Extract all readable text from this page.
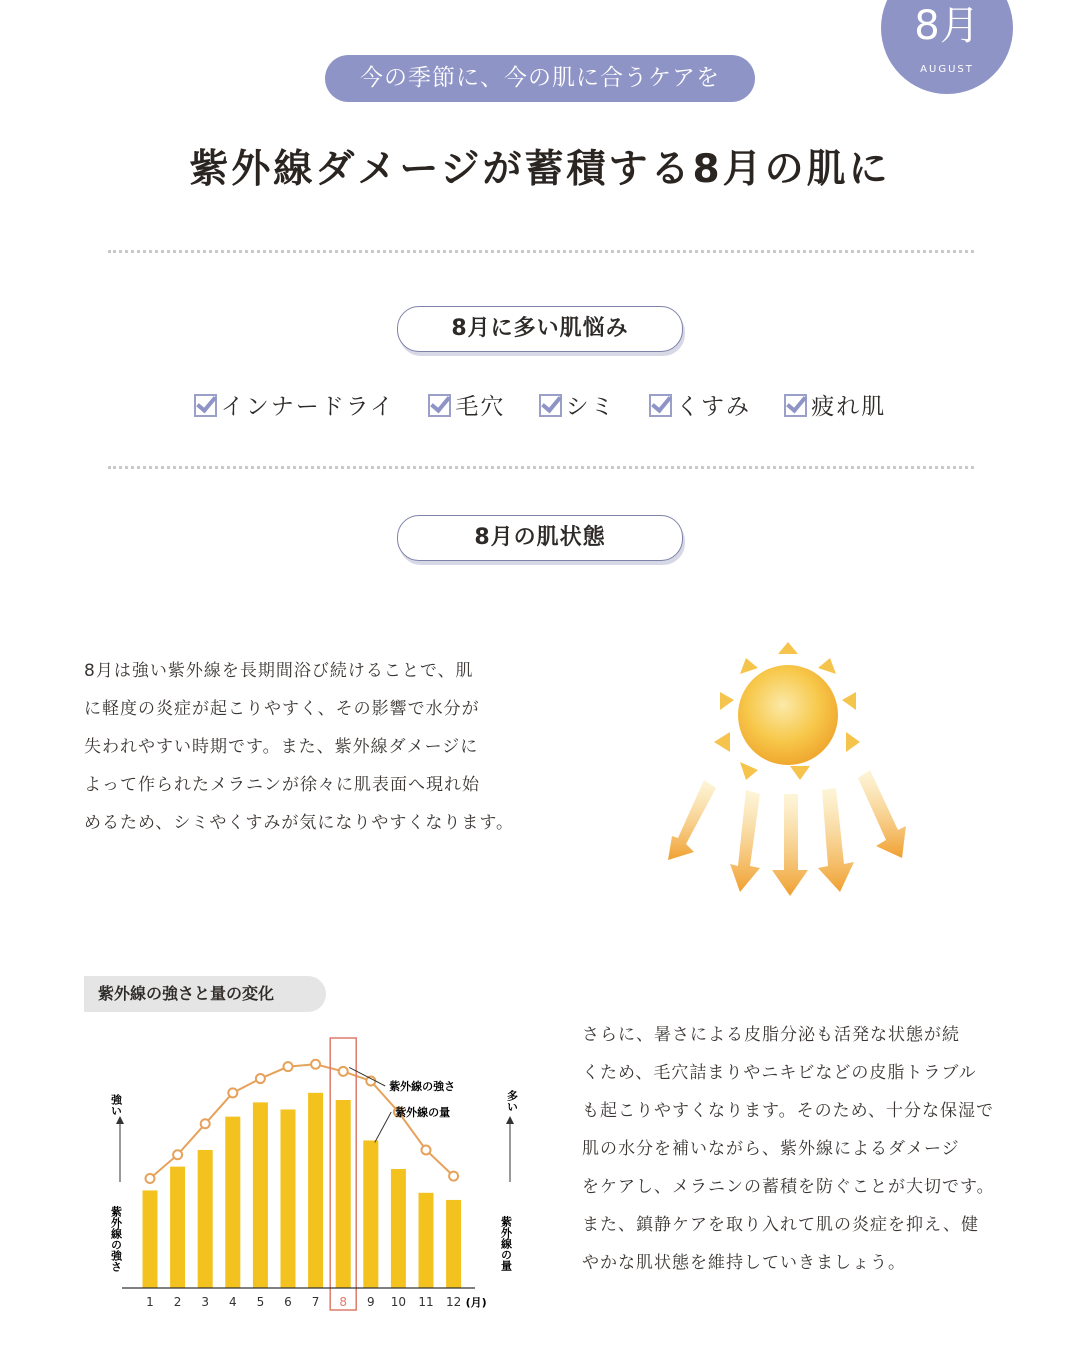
8月
AUGUST
今の季節に、今の肌に合うケアを
紫外線ダメージが蓄積する8月の肌に
8月に多い肌悩み
インナードライ	毛穴	シミ	くすみ	疲れ肌
8月の肌状態
8月は強い紫外線を長期間浴び続けることで、肌
に軽度の炎症が起こりやすく、その影響で水分が
失われやすい時期です。また、紫外線ダメージに
よって作られたメラニンが徐々に肌表面へ現れ始
めるため、シミやくすみが気になりやすくなります。
紫外線の強さと量の変化
1 2 3 4 5 6 7 8 9 10 11 12
強い
紫外線の強さ
多い
紫外線の量
(月)
紫外線の強さ
紫外線の量
さらに、暑さによる皮脂分泌も活発な状態が続
くため、毛穴詰まりやニキビなどの皮脂トラブル
も起こりやすくなります。そのため、十分な保湿で
肌の水分を補いながら、紫外線によるダメージ
をケアし、メラニンの蓄積を防ぐことが大切です。
また、鎮静ケアを取り入れて肌の炎症を抑え、健
やかな肌状態を維持していきましょう。
